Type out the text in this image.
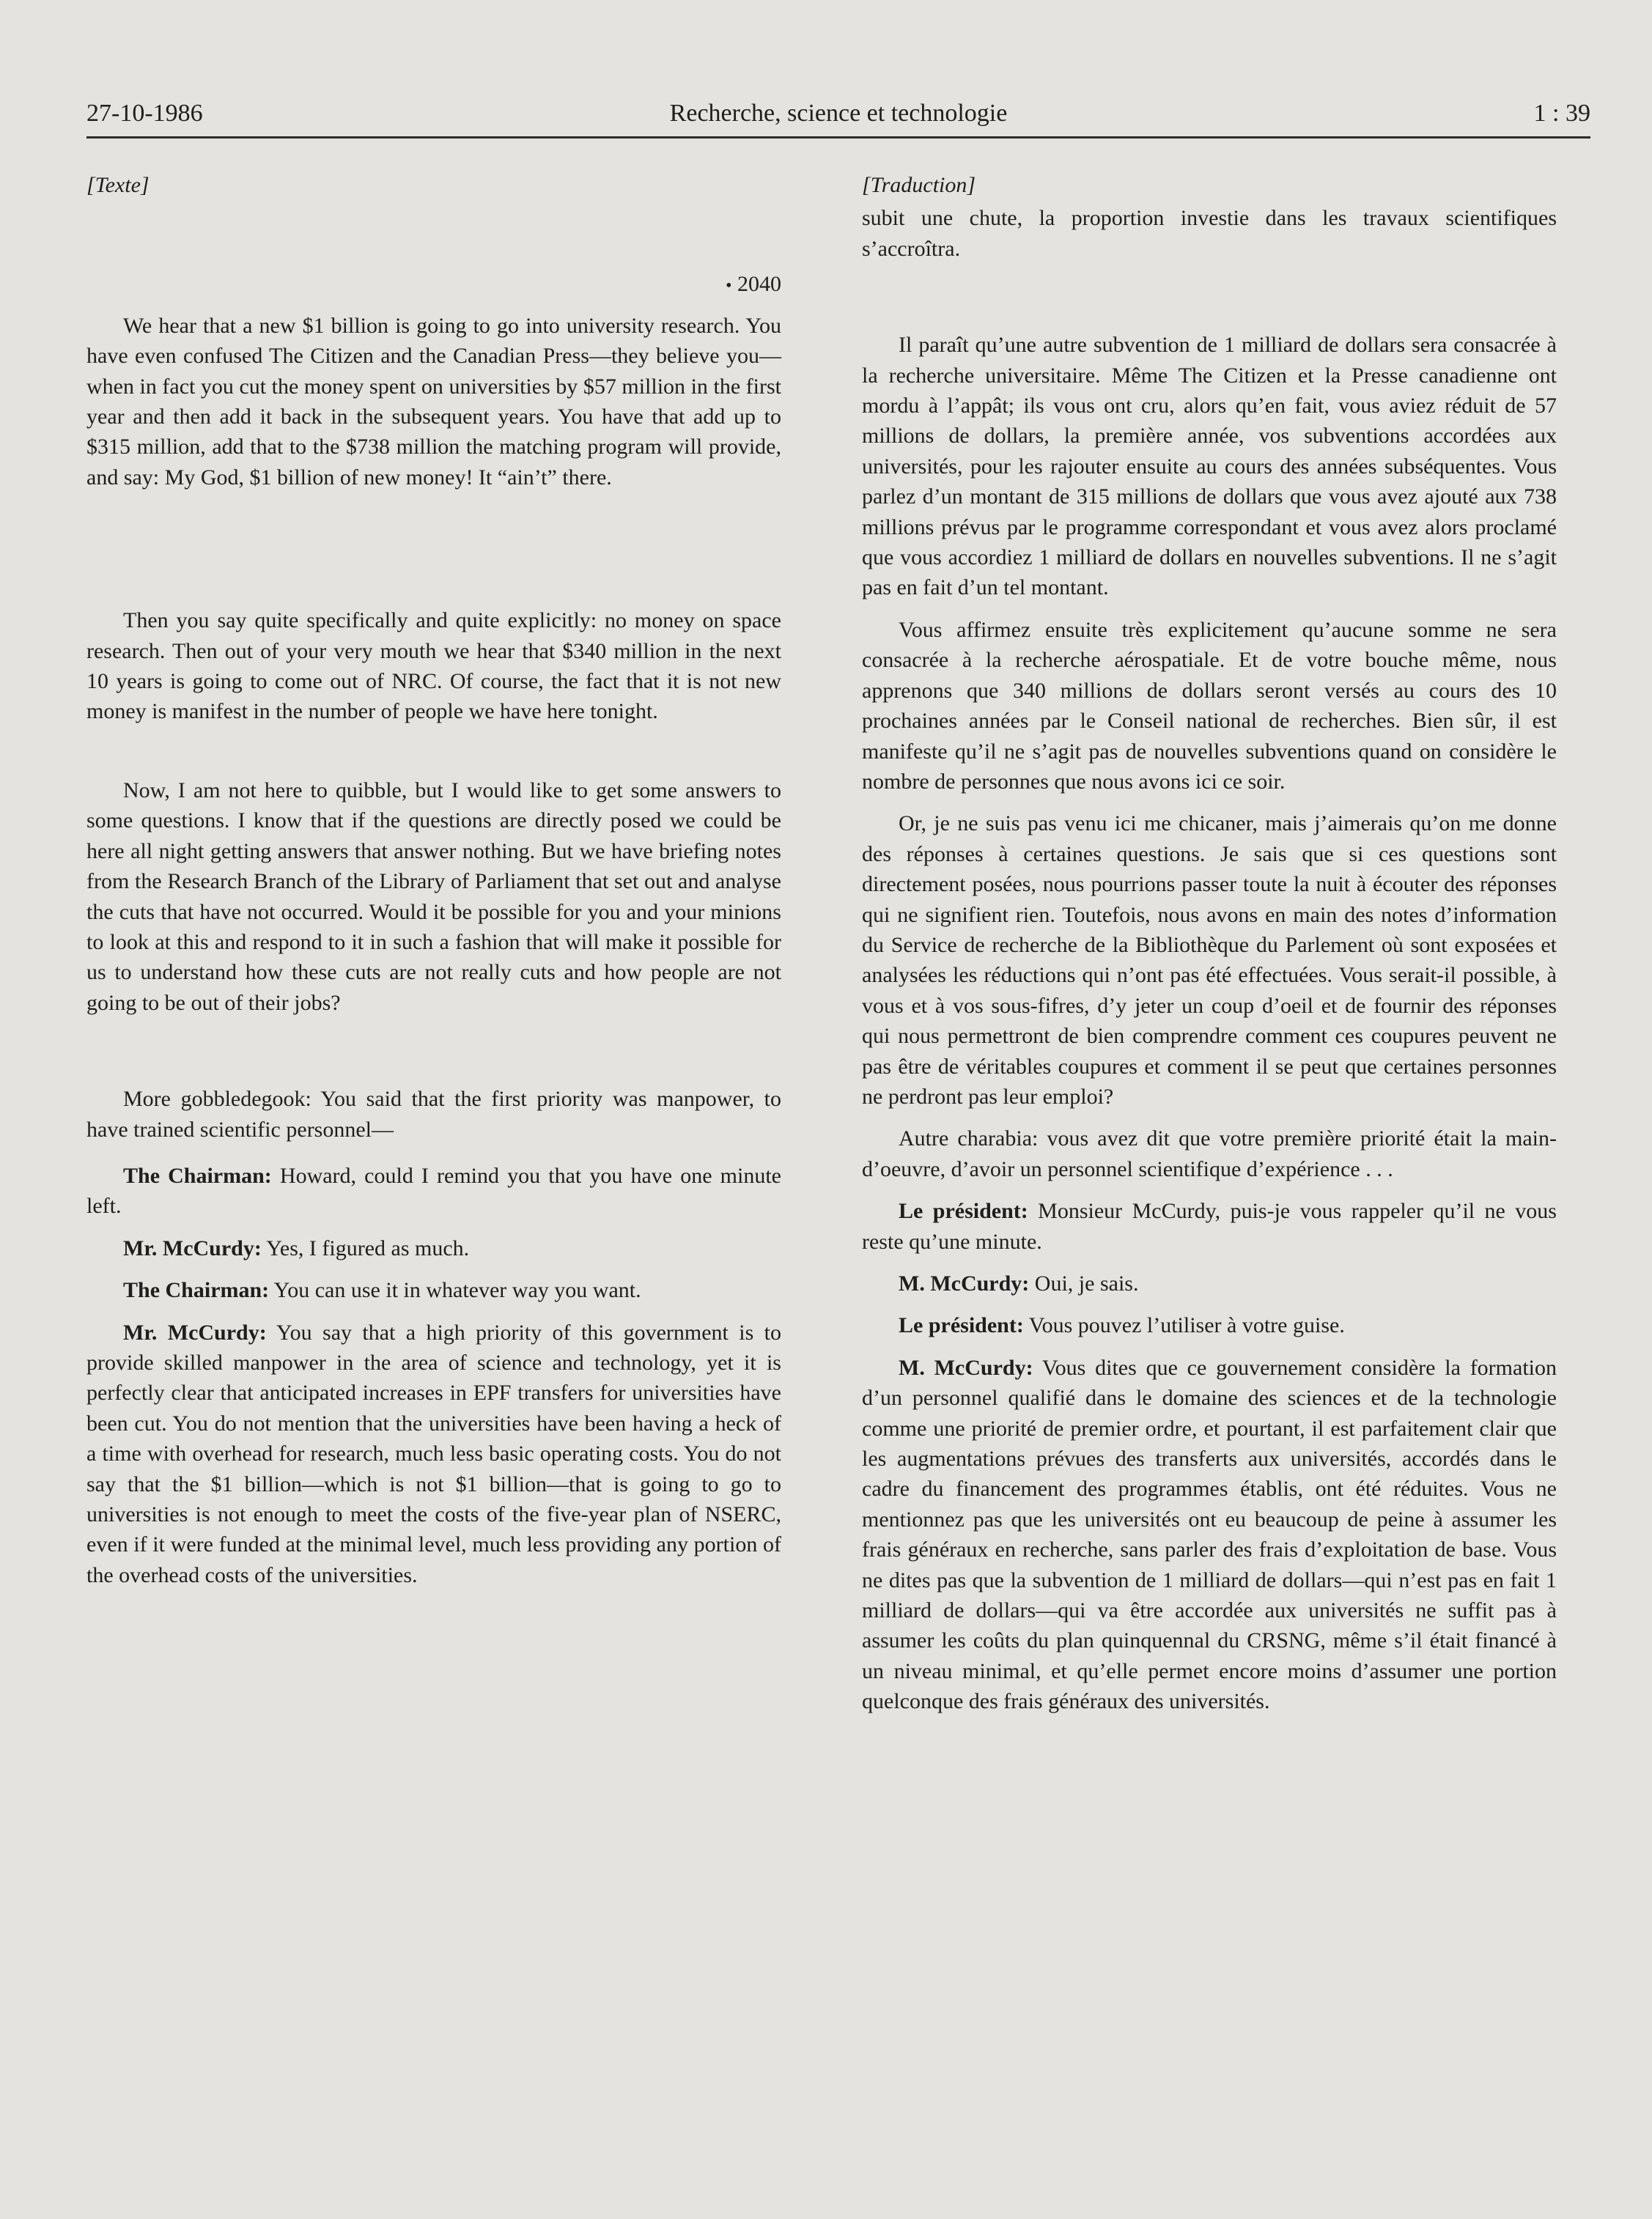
27-10-1986	Recherche, science et technologie	1 : 39
[Texte]
• 2040

We hear that a new $1 billion is going to go into university research. You have even confused The Citizen and the Canadian Press—they believe you—when in fact you cut the money spent on universities by $57 million in the first year and then add it back in the subsequent years. You have that add up to $315 million, add that to the $738 million the matching program will provide, and say: My God, $1 billion of new money! It “ain’t” there.

Then you say quite specifically and quite explicitly: no money on space research. Then out of your very mouth we hear that $340 million in the next 10 years is going to come out of NRC. Of course, the fact that it is not new money is manifest in the number of people we have here tonight.

Now, I am not here to quibble, but I would like to get some answers to some questions. I know that if the questions are directly posed we could be here all night getting answers that answer nothing. But we have briefing notes from the Research Branch of the Library of Parliament that set out and analyse the cuts that have not occurred. Would it be possible for you and your minions to look at this and respond to it in such a fashion that will make it possible for us to understand how these cuts are not really cuts and how people are not going to be out of their jobs?

More gobbledegook: You said that the first priority was manpower, to have trained scientific personnel—

The Chairman: Howard, could I remind you that you have one minute left.

Mr. McCurdy: Yes, I figured as much.

The Chairman: You can use it in whatever way you want.

Mr. McCurdy: You say that a high priority of this government is to provide skilled manpower in the area of science and technology, yet it is perfectly clear that anticipated increases in EPF transfers for universities have been cut. You do not mention that the universities have been having a heck of a time with overhead for research, much less basic operating costs. You do not say that the $1 billion—which is not $1 billion—that is going to go to universities is not enough to meet the costs of the five-year plan of NSERC, even if it were funded at the minimal level, much less providing any portion of the overhead costs of the universities.

[Traduction]

subit une chute, la proportion investie dans les travaux scientifiques s’accroîtra.

Il paraît qu’une autre subvention de 1 milliard de dollars sera consacrée à la recherche universitaire. Même The Citizen et la Presse canadienne ont mordu à l’appât; ils vous ont cru, alors qu’en fait, vous aviez réduit de 57 millions de dollars, la première année, vos subventions accordées aux universités, pour les rajouter ensuite au cours des années subséquentes. Vous parlez d’un montant de 315 millions de dollars que vous avez ajouté aux 738 millions prévus par le programme correspondant et vous avez alors proclamé que vous accordiez 1 milliard de dollars en nouvelles subventions. Il ne s’agit pas en fait d’un tel montant.

Vous affirmez ensuite très explicitement qu’aucune somme ne sera consacrée à la recherche aérospatiale. Et de votre bouche même, nous apprenons que 340 millions de dollars seront versés au cours des 10 prochaines années par le Conseil national de recherches. Bien sûr, il est manifeste qu’il ne s’agit pas de nouvelles subventions quand on considère le nombre de personnes que nous avons ici ce soir.

Or, je ne suis pas venu ici me chicaner, mais j’aimerais qu’on me donne des réponses à certaines questions. Je sais que si ces questions sont directement posées, nous pourrions passer toute la nuit à écouter des réponses qui ne signifient rien. Toutefois, nous avons en main des notes d’information du Service de recherche de la Bibliothèque du Parlement où sont exposées et analysées les réductions qui n’ont pas été effectuées. Vous serait-il possible, à vous et à vos sous-fifres, d’y jeter un coup d’oeil et de fournir des réponses qui nous permettront de bien comprendre comment ces coupures peuvent ne pas être de véritables coupures et comment il se peut que certaines personnes ne perdront pas leur emploi?

Autre charabia: vous avez dit que votre première priorité était la main-d’oeuvre, d’avoir un personnel scientifique d’expérience . . .

Le président: Monsieur McCurdy, puis-je vous rappeler qu’il ne vous reste qu’une minute.

M. McCurdy: Oui, je sais.

Le président: Vous pouvez l’utiliser à votre guise.

M. McCurdy: Vous dites que ce gouvernement considère la formation d’un personnel qualifié dans le domaine des sciences et de la technologie comme une priorité de premier ordre, et pourtant, il est parfaitement clair que les augmentations prévues des transferts aux universités, accordés dans le cadre du financement des programmes établis, ont été réduites. Vous ne mentionnez pas que les universités ont eu beaucoup de peine à assumer les frais généraux en recherche, sans parler des frais d’exploitation de base. Vous ne dites pas que la subvention de 1 milliard de dollars—qui n’est pas en fait 1 milliard de dollars—qui va être accordée aux universités ne suffit pas à assumer les coûts du plan quinquennal du CRSNG, même s’il était financé à un niveau minimal, et qu’elle permet encore moins d’assumer une portion quelconque des frais généraux des universités.
